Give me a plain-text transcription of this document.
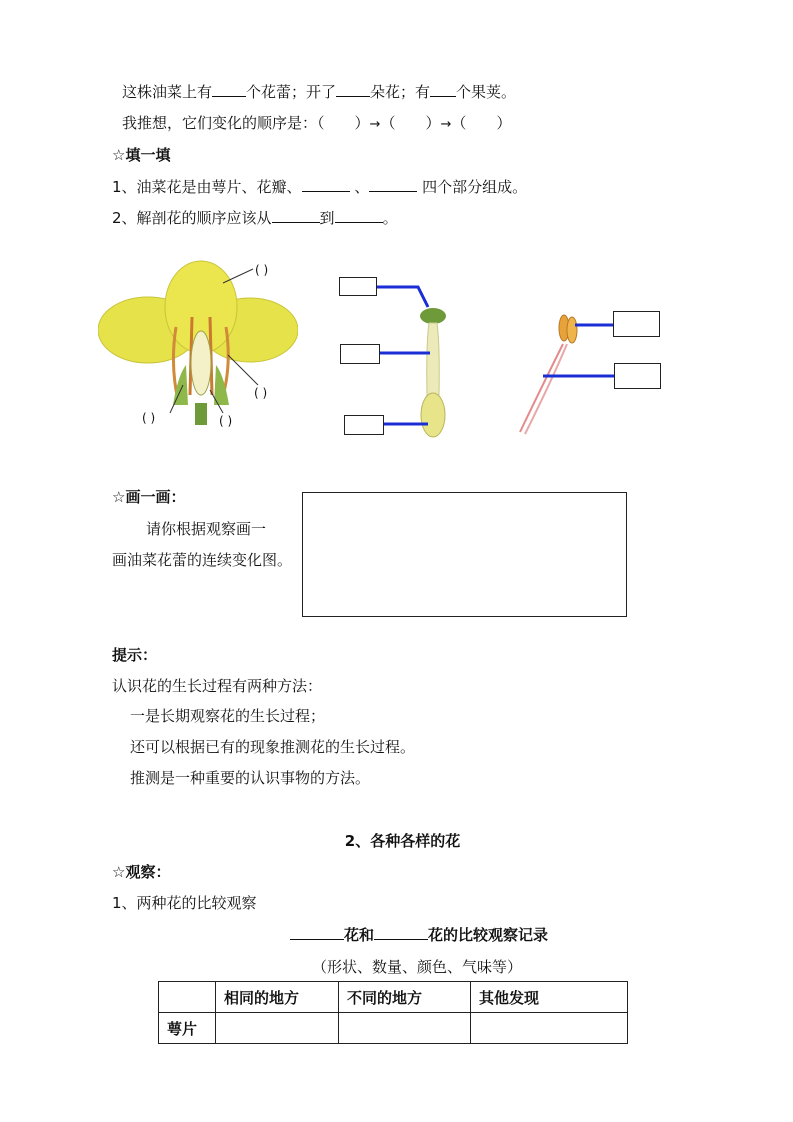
这株油菜上有 个花蕾；开了 朵花；有 个果荚。
我推想，它们变化的顺序是：（ ）→（ ）→（ ）
☆填一填
1、油菜花是由萼片、花瓣、	、	四个部分组成。
2、解剖花的顺序应该从	到	。
( )
( )
( )	( )
☆画一画：
请你根据观察画一
画油菜花蕾的连续变化图。
提示：
认识花的生长过程有两种方法：
一是长期观察花的生长过程；
还可以根据已有的现象推测花的生长过程。
推测是一种重要的认识事物的方法。
2、各种各样的花
☆观察：
1、两种花的比较观察
花和	花的比较观察记录
（形状、数量、颜色、气味等）
	相同的地方	不同的地方	其他发现
萼片			
